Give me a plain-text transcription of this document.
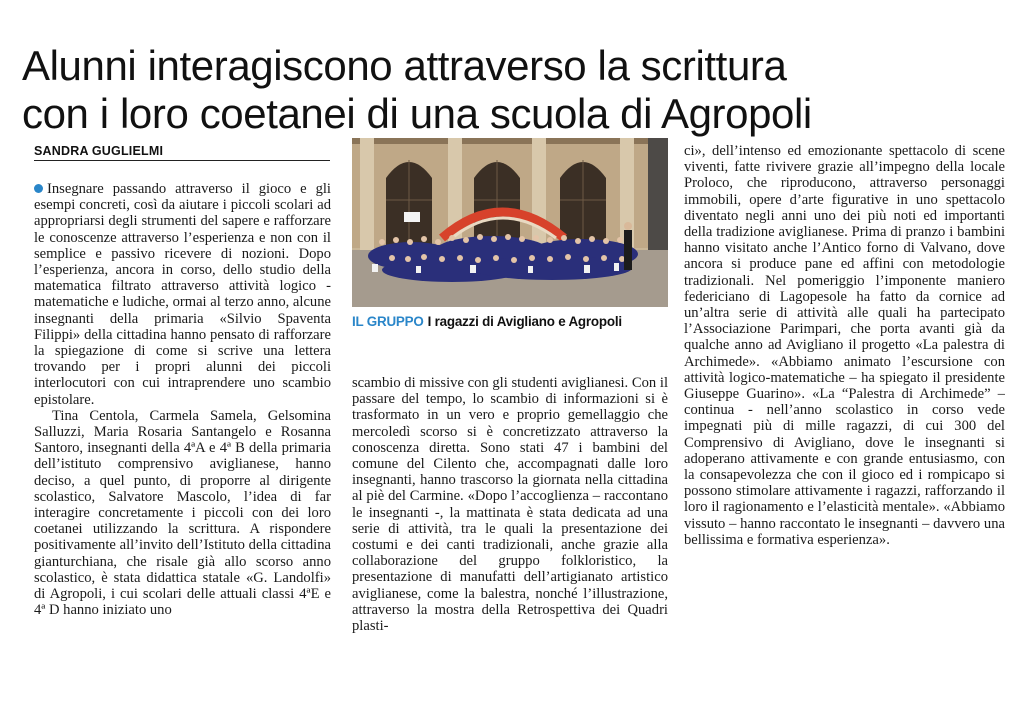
Alunni interagiscono attraverso la scrittura
con i loro coetanei di una scuola di Agropoli
SANDRA GUGLIELMI

Insegnare passando attraverso il gioco e gli esempi concreti, così da aiutare i piccoli scolari ad appropriarsi degli strumenti del sapere e rafforzare le conoscenze attraverso l’esperienza e non con il semplice e passivo ricevere di nozioni. Dopo l’esperienza, ancora in corso, dello studio della matematica filtrato attraverso attività logico - matematiche e ludiche, ormai al terzo anno, alcune insegnanti della primaria «Silvio Spaventa Filippi» della cittadina hanno pensato di rafforzare la spiegazione di come si scrive una lettera trovando per i propri alunni dei piccoli interlocutori con cui intraprendere uno scambio epistolare.

Tina Centola, Carmela Samela, Gelsomina Salluzzi, Maria Rosaria Santangelo e Rosanna Santoro, insegnanti della 4ªA e 4ª B della primaria dell’istituto comprensivo aviglianese, hanno deciso, a quel punto, di proporre al dirigente scolastico, Salvatore Mascolo, l’idea di far interagire concretamente i piccoli con dei loro coetanei utilizzando la scrittura. A rispondere positivamente all’invito dell’Istituto della cittadina gianturchiana, che risale già allo scorso anno scolastico, è stata didattica statale «G. Landolfi» di Agropoli, i cui scolari delle attuali classi 4ªE e 4ª D hanno iniziato uno

IL GRUPPO I ragazzi di Avigliano e Agropoli

scambio di missive con gli studenti aviglianesi. Con il passare del tempo, lo scambio di informazioni si è trasformato in un vero e proprio gemellaggio che mercoledì scorso si è concretizzato attraverso la conoscenza diretta. Sono stati 47 i bambini del comune del Cilento che, accompagnati dalle loro insegnanti, hanno trascorso la giornata nella cittadina al piè del Carmine. «Dopo l’accoglienza – raccontano le insegnanti -, la mattinata è stata dedicata ad una serie di attività, tra le quali la presentazione dei costumi e dei canti tradizionali, anche grazie alla collaborazione del gruppo folkloristico, la presentazione di manufatti dell’artigianato artistico aviglianese, come la balestra, nonché l’illustrazione, attraverso la mostra della Retrospettiva dei Quadri plasti-

ci», dell’intenso ed emozionante spettacolo di scene viventi, fatte rivivere grazie all’impegno della locale Proloco, che riproducono, attraverso personaggi immobili, opere d’arte figurative in uno spettacolo diventato negli anni uno dei più noti ed importanti della tradizione aviglianese. Prima di pranzo i bambini hanno visitato anche l’Antico forno di Valvano, dove ancora si produce pane ed affini con metodologie tradizionali. Nel pomeriggio l’imponente maniero federiciano di Lagopesole ha fatto da cornice ad un’altra serie di attività alle quali ha partecipato l’Associazione Parimpari, che porta avanti già da qualche anno ad Avigliano il progetto «La palestra di Archimede». «Abbiamo animato l’escursione con attività logico-matematiche – ha spiegato il presidente Giuseppe Guarino». «La “Palestra di Archimede” – continua - nell’anno scolastico in corso vede impegnati più di mille ragazzi, di cui 300 del Comprensivo di Avigliano, dove le insegnanti si adoperano attivamente e con grande entusiasmo, con la consapevolezza che con il gioco ed i rompicapo si possono stimolare attivamente i ragazzi, rafforzando il loro il ragionamento e l’elasticità mentale». «Abbiamo vissuto – hanno raccontato le insegnanti – davvero una bellissima e formativa esperienza».
